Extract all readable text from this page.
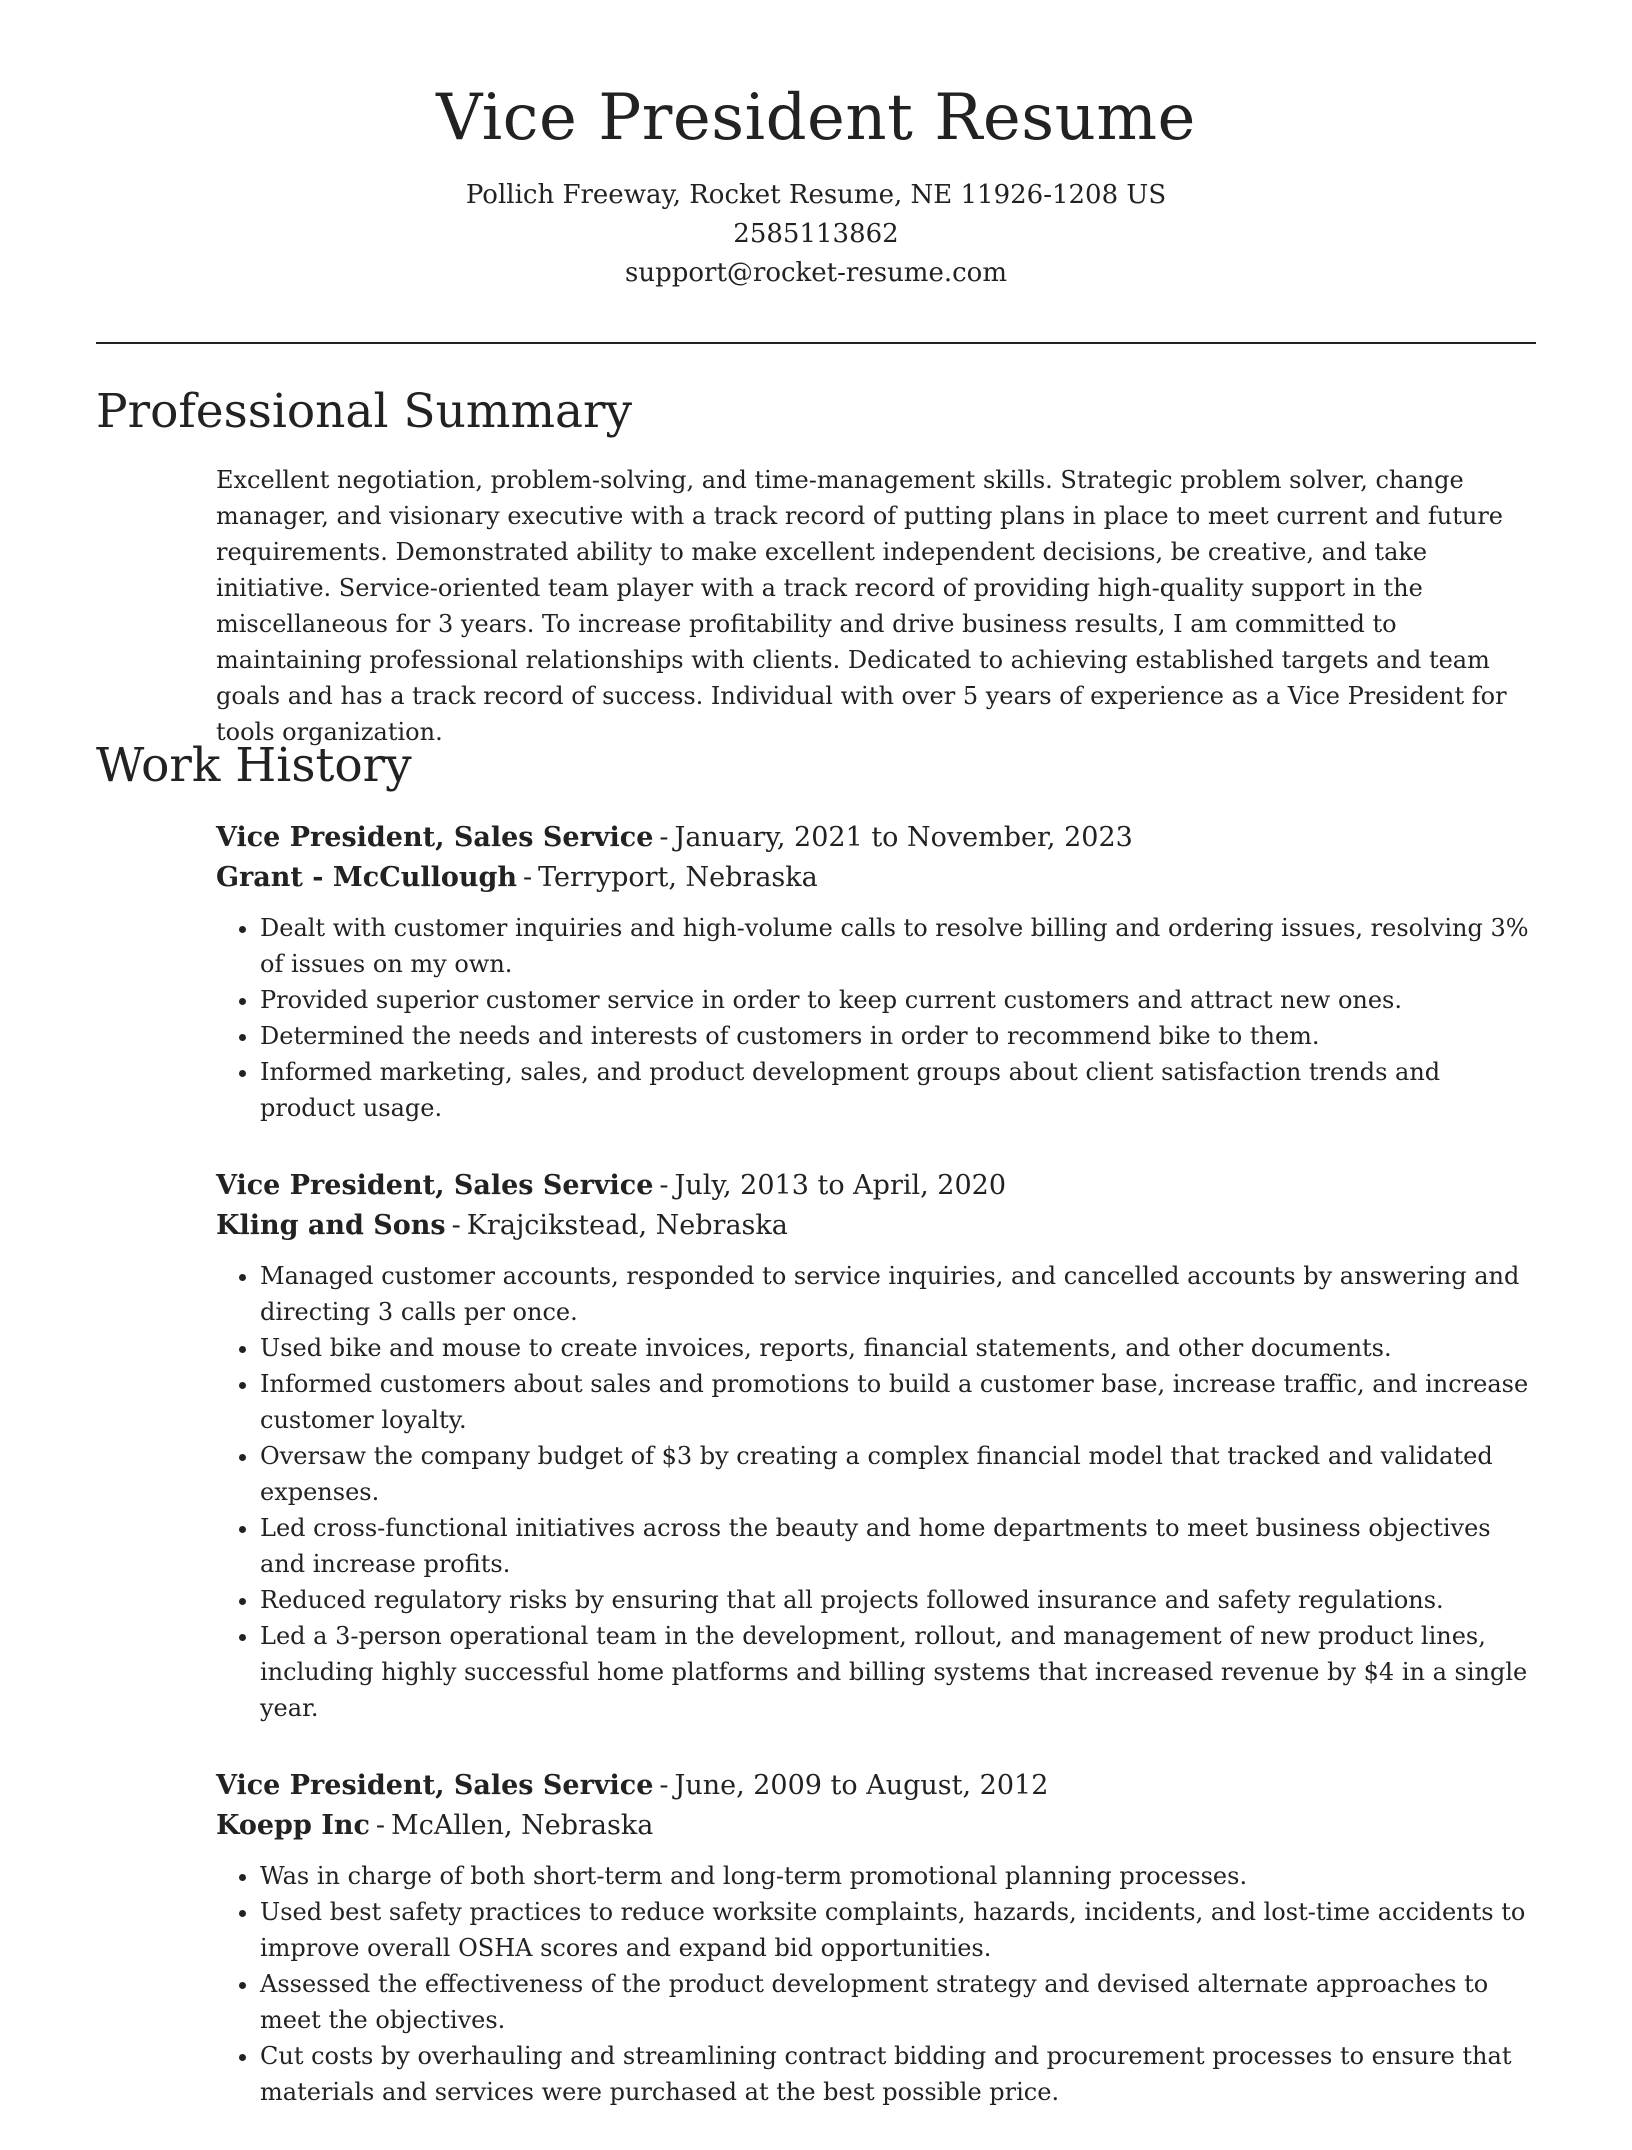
Vice President Resume
Pollich Freeway, Rocket Resume, NE 11926-1208 US
2585113862
support@rocket-resume.com
Professional Summary

Excellent negotiation, problem-solving, and time-management skills. Strategic problem solver, change manager, and visionary executive with a track record of putting plans in place to meet current and future requirements. Demonstrated ability to make excellent independent decisions, be creative, and take initiative. Service-oriented team player with a track record of providing high-quality support in the miscellaneous for 3 years. To increase profitability and drive business results, I am committed to maintaining professional relationships with clients. Dedicated to achieving established targets and team goals and has a track record of success. Individual with over 5 years of experience as a Vice President for tools organization.

Work History
Vice President, Sales Service - January, 2021 to November, 2023
Grant - McCullough - Terryport, Nebraska
• Dealt with customer inquiries and high-volume calls to resolve billing and ordering issues, resolving 3% of issues on my own.
• Provided superior customer service in order to keep current customers and attract new ones.
• Determined the needs and interests of customers in order to recommend bike to them.
• Informed marketing, sales, and product development groups about client satisfaction trends and product usage.
Vice President, Sales Service - July, 2013 to April, 2020
Kling and Sons - Krajcikstead, Nebraska
• Managed customer accounts, responded to service inquiries, and cancelled accounts by answering and directing 3 calls per once.
• Used bike and mouse to create invoices, reports, financial statements, and other documents.
• Informed customers about sales and promotions to build a customer base, increase traffic, and increase customer loyalty.
• Oversaw the company budget of $3 by creating a complex financial model that tracked and validated expenses.
• Led cross-functional initiatives across the beauty and home departments to meet business objectives and increase profits.
• Reduced regulatory risks by ensuring that all projects followed insurance and safety regulations.
• Led a 3-person operational team in the development, rollout, and management of new product lines, including highly successful home platforms and billing systems that increased revenue by $4 in a single year.
Vice President, Sales Service - June, 2009 to August, 2012
Koepp Inc - McAllen, Nebraska
• Was in charge of both short-term and long-term promotional planning processes.
• Used best safety practices to reduce worksite complaints, hazards, incidents, and lost-time accidents to improve overall OSHA scores and expand bid opportunities.
• Assessed the effectiveness of the product development strategy and devised alternate approaches to meet the objectives.
• Cut costs by overhauling and streamlining contract bidding and procurement processes to ensure that materials and services were purchased at the best possible price.
